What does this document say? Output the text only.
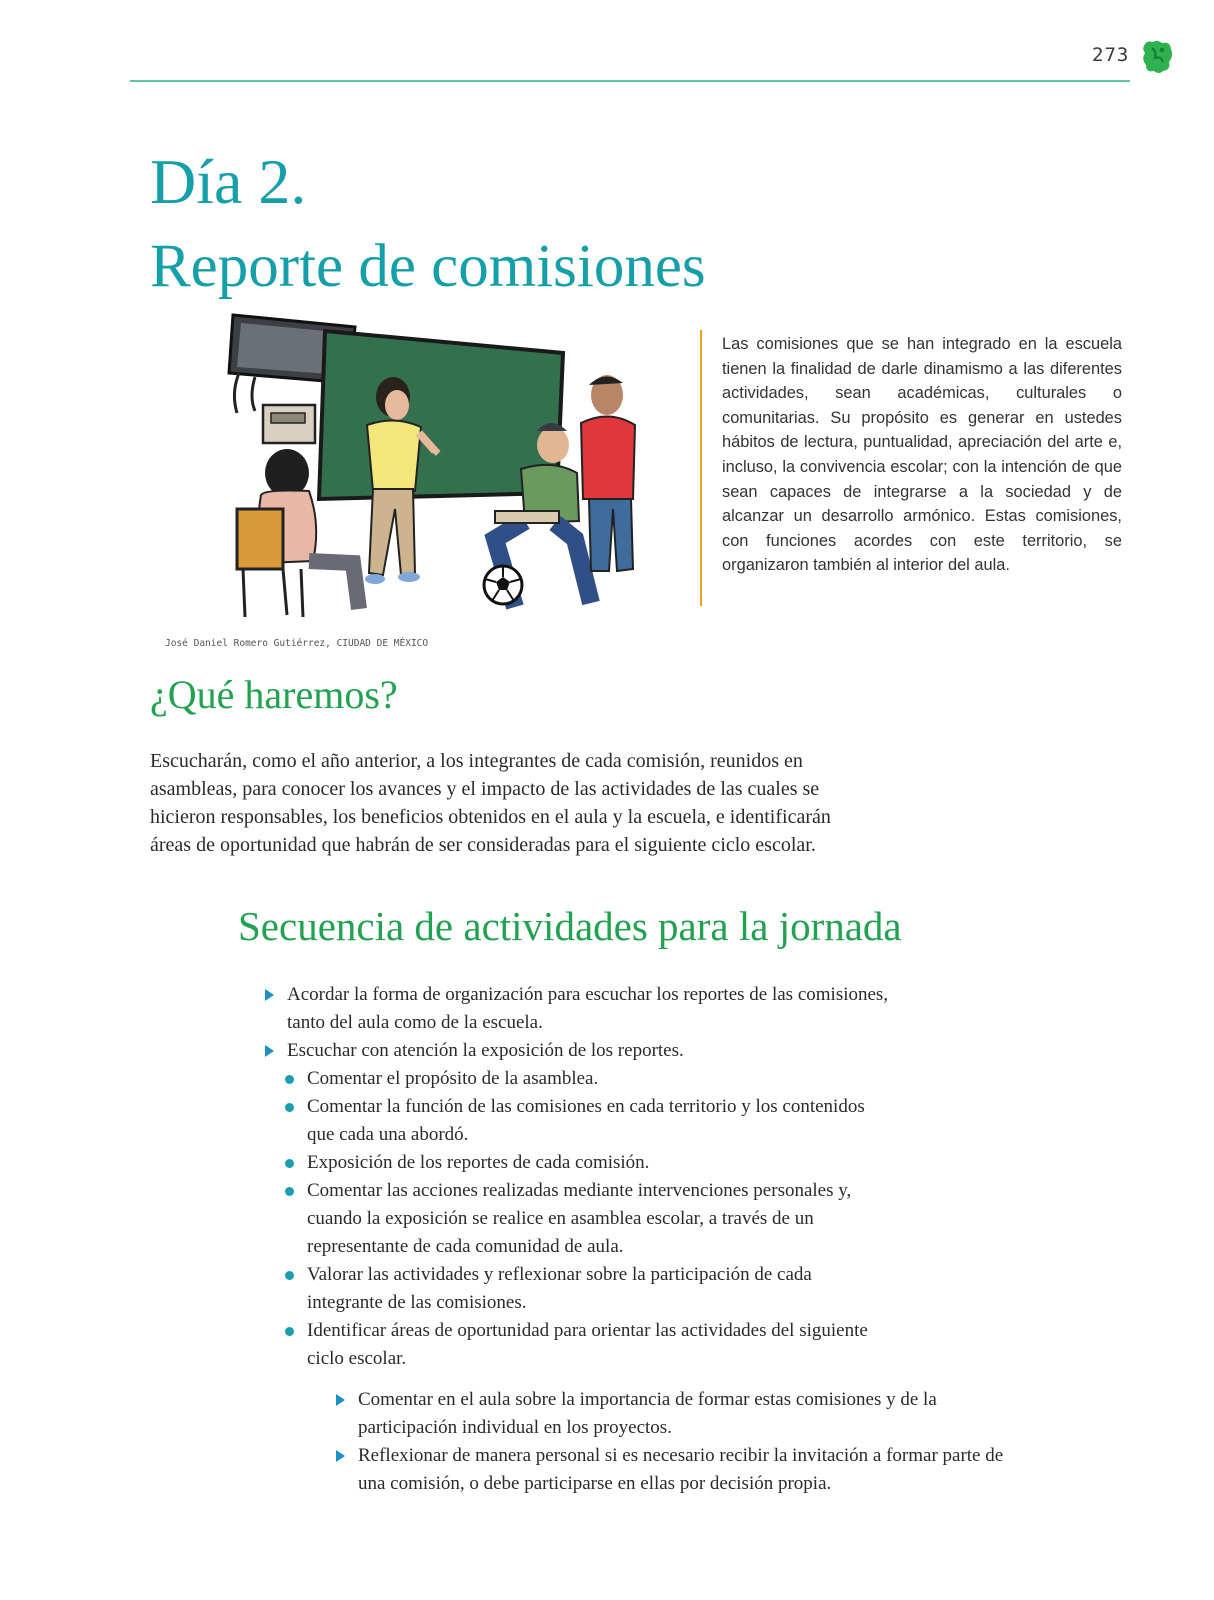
273
Día 2.
Reporte de comisiones
José Daniel Romero Gutiérrez, CIUDAD DE MÉXICO

Las comisiones que se han integrado en la escuela tienen la finalidad de darle dinamismo a las diferentes actividades, sean académicas, culturales o comunitarias. Su propósito es generar en ustedes hábitos de lectura, puntualidad, apreciación del arte e, incluso, la convivencia escolar; con la intención de que sean capaces de integrarse a la sociedad y de alcanzar un desarrollo armónico. Estas comisiones, con funciones acordes con este territorio, se organizaron también al interior del aula.

¿Qué haremos?

Escucharán, como el año anterior, a los integrantes de cada comisión, reunidos en asambleas, para conocer los avances y el impacto de las actividades de las cuales se hicieron responsables, los beneficios obtenidos en el aula y la escuela, e identificarán áreas de oportunidad que habrán de ser consideradas para el siguiente ciclo escolar.

Secuencia de actividades para la jornada
Acordar la forma de organización para escuchar los reportes de las comisiones, tanto del aula como de la escuela.
Escuchar con atención la exposición de los reportes.
Comentar el propósito de la asamblea.
Comentar la función de las comisiones en cada territorio y los contenidos que cada una abordó.
Exposición de los reportes de cada comisión.
Comentar las acciones realizadas mediante intervenciones personales y, cuando la exposición se realice en asamblea escolar, a través de un representante de cada comunidad de aula.
Valorar las actividades y reflexionar sobre la participación de cada integrante de las comisiones.
Identificar áreas de oportunidad para orientar las actividades del siguiente ciclo escolar.
Comentar en el aula sobre la importancia de formar estas comisiones y de la participación individual en los proyectos.
Reflexionar de manera personal si es necesario recibir la invitación a formar parte de una comisión, o debe participarse en ellas por decisión propia.
